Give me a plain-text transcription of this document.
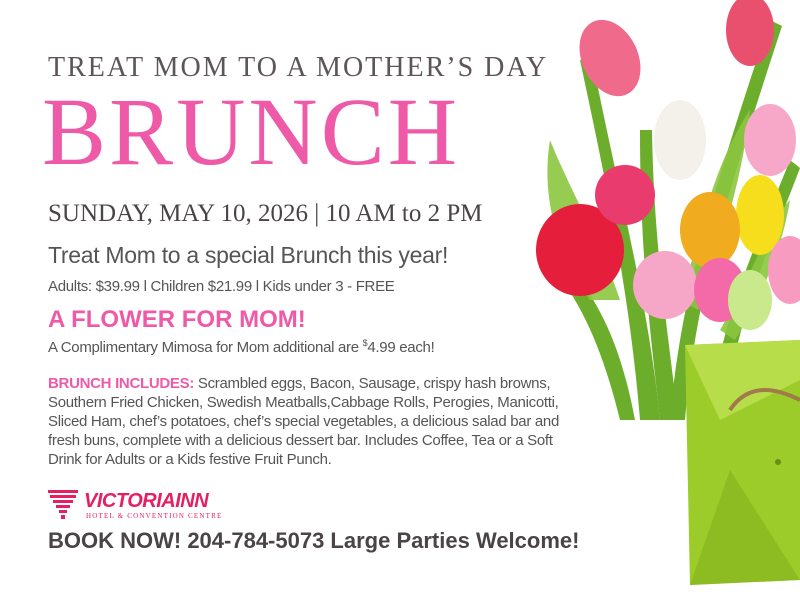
TREAT MOM TO A MOTHER’S DAY
BRUNCH
SUNDAY, MAY 10, 2026 | 10 AM to 2 PM
Treat Mom to a special Brunch this year!
Adults: $39.99 l Children $21.99 l Kids under 3 - FREE
A FLOWER FOR MOM!
A Complimentary Mimosa for Mom additional are $4.99 each!
BRUNCH INCLUDES: Scrambled eggs, Bacon, Sausage, crispy hash browns, Southern Fried Chicken, Swedish Meatballs,Cabbage Rolls, Perogies, Manicotti, Sliced Ham, chef’s potatoes, chef’s special vegetables, a delicious salad bar and fresh buns, complete with a delicious dessert bar. Includes Coffee, Tea or a Soft Drink for Adults or a Kids festive Fruit Punch.
VICTORIAINN
HOTEL & CONVENTION CENTRE
BOOK NOW! 204-784-5073 Large Parties Welcome!
